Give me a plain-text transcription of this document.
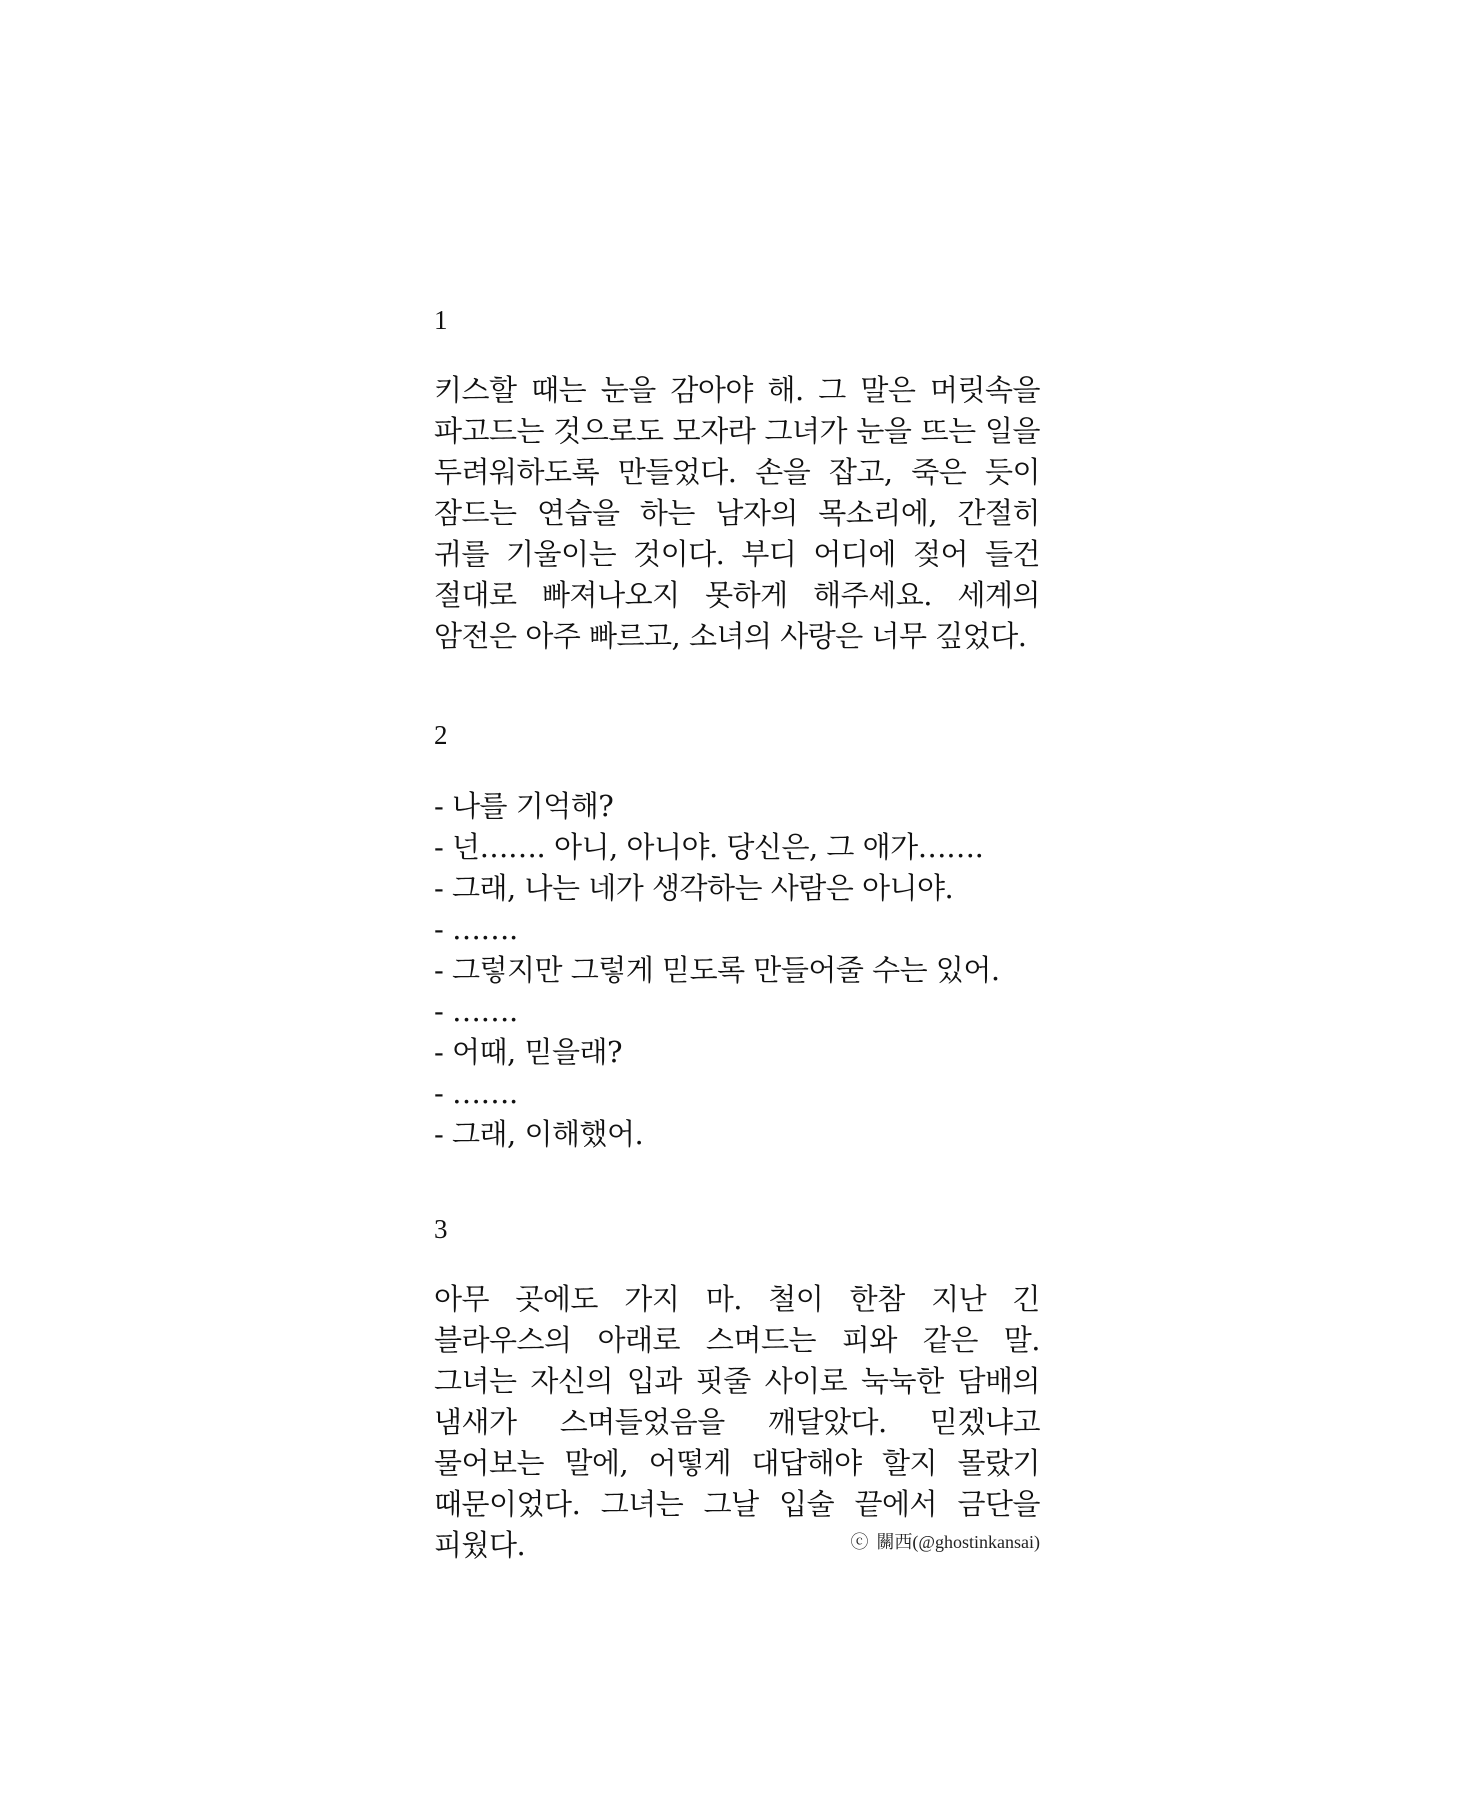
1

키스할 때는 눈을 감아야 해. 그 말은 머릿속을 파고드는 것으로도 모자라 그녀가 눈을 뜨는 일을 두려워하도록 만들었다. 손을 잡고, 죽은 듯이 잠드는 연습을 하는 남자의 목소리에, 간절히 귀를 기울이는 것이다. 부디 어디에 젖어 들건 절대로 빠져나오지 못하게 해주세요. 세계의 암전은 아주 빠르고, 소녀의 사랑은 너무 깊었다.

2

- 나를 기억해?
- 넌……. 아니, 아니야. 당신은, 그 애가…….
- 그래, 나는 네가 생각하는 사람은 아니야.
- …….
- 그렇지만 그렇게 믿도록 만들어줄 수는 있어.
- …….
- 어때, 믿을래?
- …….
- 그래, 이해했어.

3

아무 곳에도 가지 마. 철이 한참 지난 긴 블라우스의 아래로 스며드는 피와 같은 말. 그녀는 자신의 입과 핏줄 사이로 눅눅한 담배의 냄새가 스며들었음을 깨달았다. 믿겠냐고 물어보는 말에, 어떻게 대답해야 할지 몰랐기 때문이었다. 그녀는 그날 입술 끝에서 금단을 피웠다.	ⓒ 關西(@ghostinkansai)
